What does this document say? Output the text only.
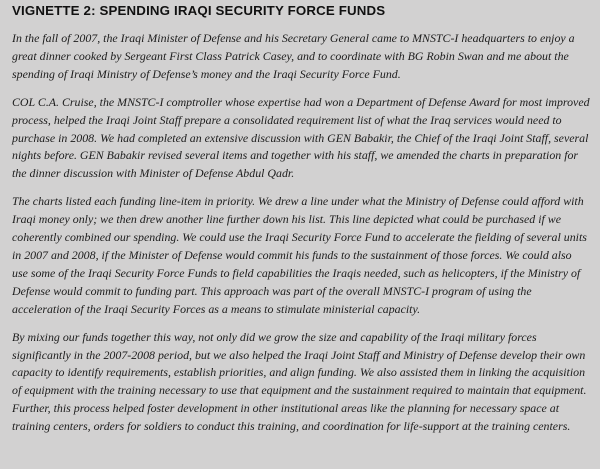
VIGNETTE 2: SPENDING IRAQI SECURITY FORCE FUNDS

In the fall of 2007, the Iraqi Minister of Defense and his Secretary General came to MNSTC-I headquarters to enjoy a great dinner cooked by Sergeant First Class Patrick Casey, and to coordinate with BG Robin Swan and me about the spending of Iraqi Ministry of Defense’s money and the Iraqi Security Force Fund.

COL C.A. Cruise, the MNSTC-I comptroller whose expertise had won a Department of Defense Award for most improved process, helped the Iraqi Joint Staff prepare a consolidated requirement list of what the Iraq services would need to purchase in 2008. We had completed an extensive discussion with GEN Babakir, the Chief of the Iraqi Joint Staff, several nights before. GEN Babakir revised several items and together with his staff, we amended the charts in preparation for the dinner discussion with Minister of Defense Abdul Qadr.

The charts listed each funding line-item in priority. We drew a line under what the Ministry of Defense could afford with Iraqi money only; we then drew another line further down his list. This line depicted what could be purchased if we coherently combined our spending. We could use the Iraqi Security Force Fund to accelerate the fielding of several units in 2007 and 2008, if the Minister of Defense would commit his funds to the sustainment of those forces. We could also use some of the Iraqi Security Force Funds to field capabilities the Iraqis needed, such as helicopters, if the Ministry of Defense would commit to funding part. This approach was part of the overall MNSTC-I program of using the acceleration of the Iraqi Security Forces as a means to stimulate ministerial capacity.

By mixing our funds together this way, not only did we grow the size and capability of the Iraqi military forces significantly in the 2007-2008 period, but we also helped the Iraqi Joint Staff and Ministry of Defense develop their own capacity to identify requirements, establish priorities, and align funding. We also assisted them in linking the acquisition of equipment with the training necessary to use that equipment and the sustainment required to maintain that equipment. Further, this process helped foster development in other institutional areas like the planning for necessary space at training centers, orders for soldiers to conduct this training, and coordination for life-support at the training centers.
